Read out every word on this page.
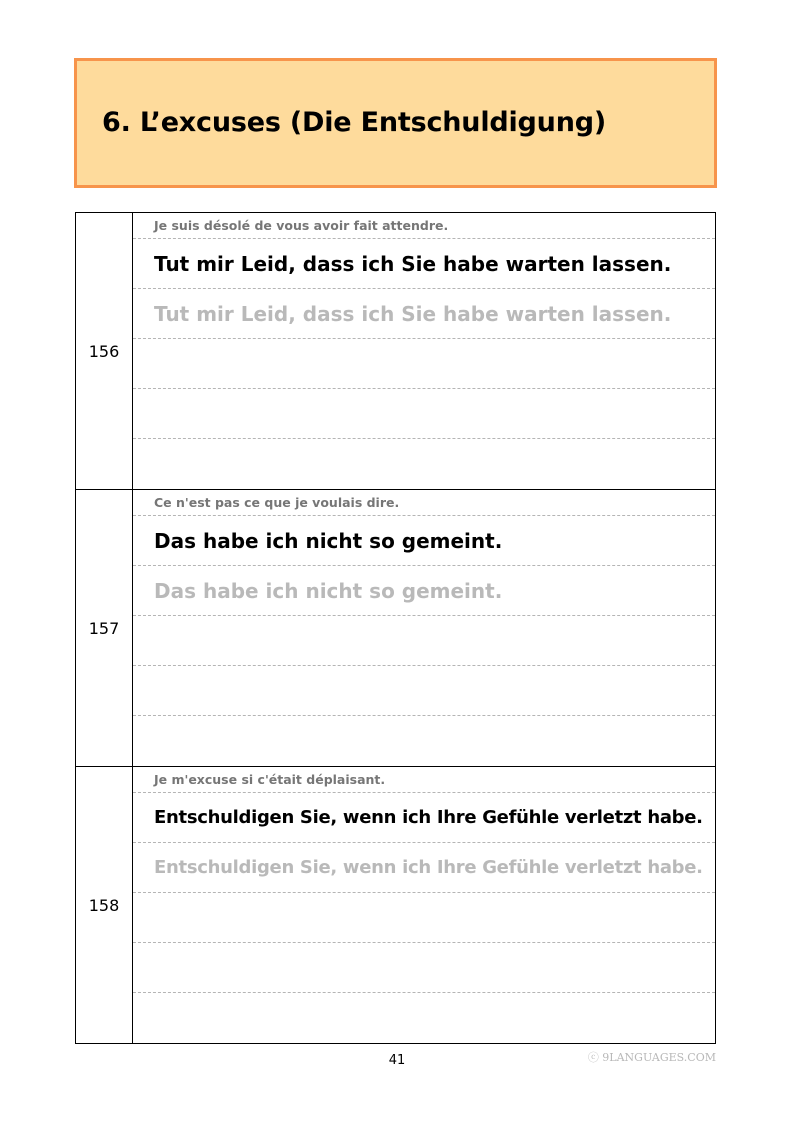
6. L’excuses (Die Entschuldigung)
156
Je suis désolé de vous avoir fait attendre.
Tut mir Leid, dass ich Sie habe warten lassen.
Tut mir Leid, dass ich Sie habe warten lassen.
157
Ce n'est pas ce que je voulais dire.
Das habe ich nicht so gemeint.
Das habe ich nicht so gemeint.
158
Je m'excuse si c'était déplaisant.
Entschuldigen Sie, wenn ich Ihre Gefühle verletzt habe.
Entschuldigen Sie, wenn ich Ihre Gefühle verletzt habe.
41	ⓒ 9LANGUAGES.COM
